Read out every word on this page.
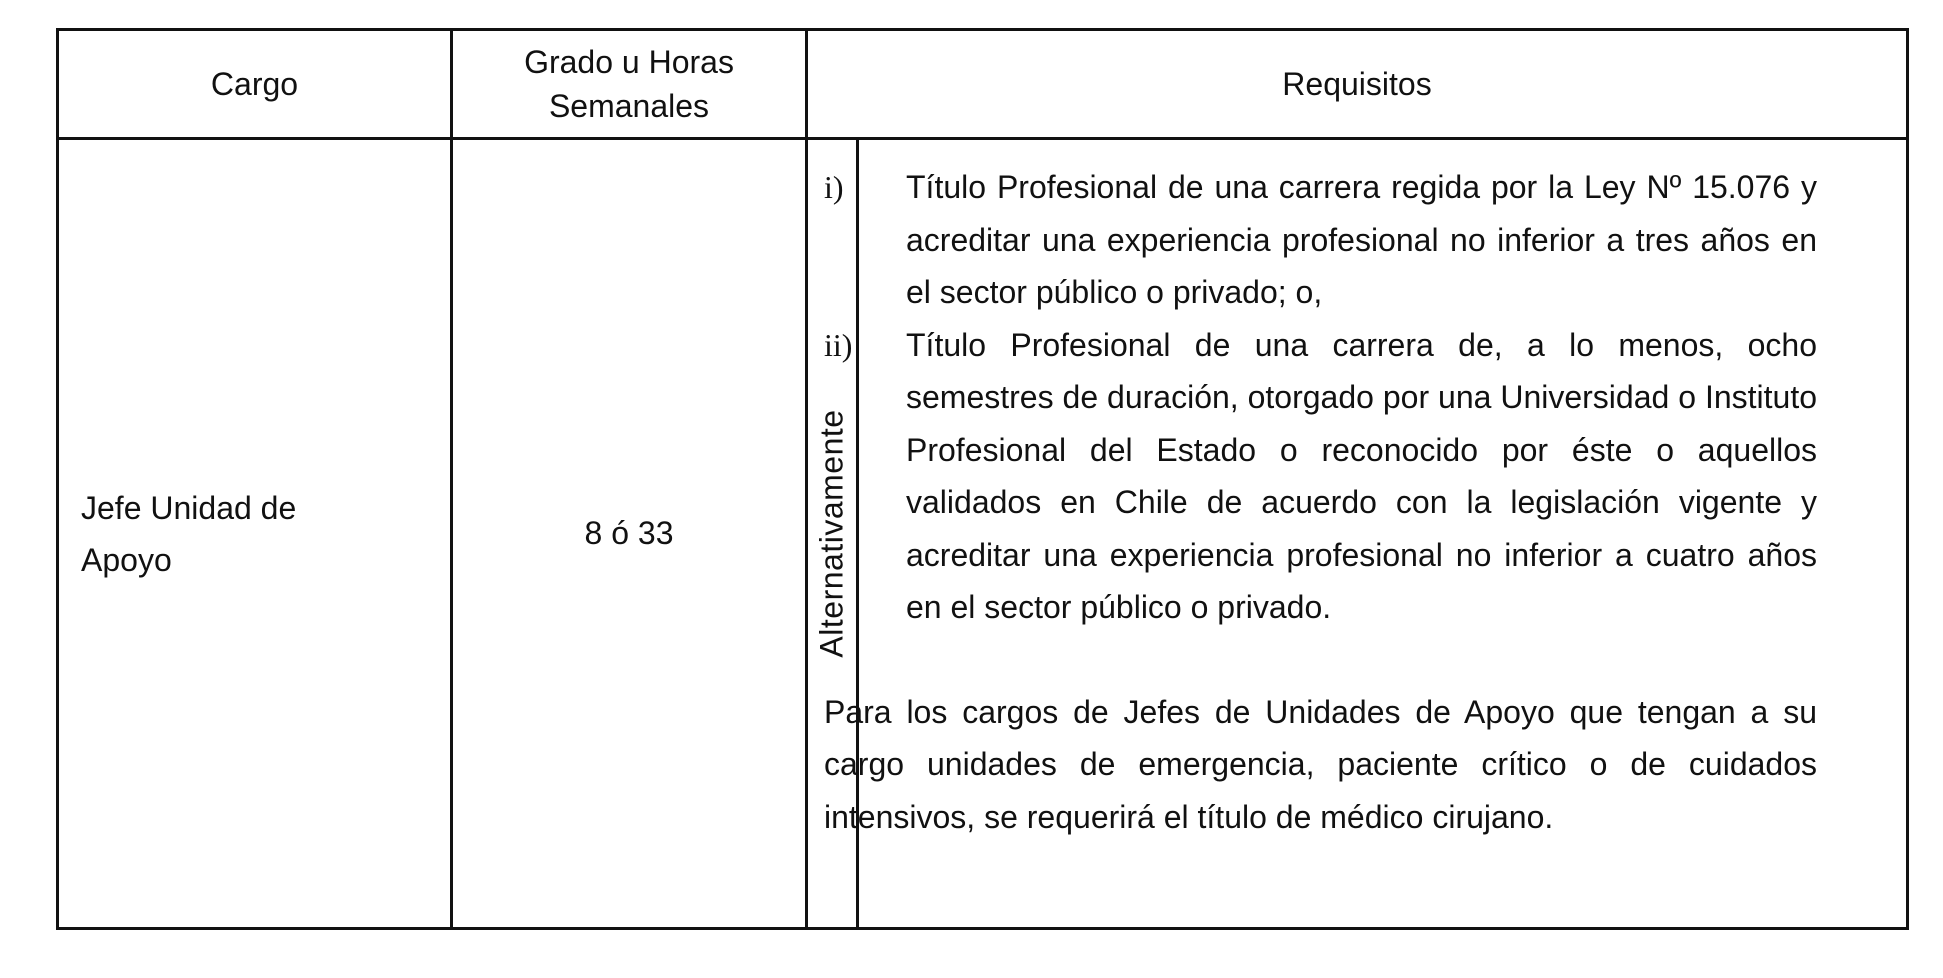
Cargo
Grado u Horas
Semanales
Requisitos
Jefe Unidad de
Apoyo
8 ó 33	Alternativamente
i) Título Profesional de una carrera regida por la Ley Nº 15.076 y acreditar una experiencia profesional no inferior a tres años en el sector público o privado; o,
ii) Título Profesional de una carrera de, a lo menos, ocho semestres de duración, otorgado por una Universidad o Instituto Profesional del Estado o reconocido por éste o aquellos validados en Chile de acuerdo con la legislación vigente y acreditar una experiencia profesional no inferior a cuatro años en el sector público o privado.
Para los cargos de Jefes de Unidades de Apoyo que tengan a su cargo unidades de emergencia, paciente crítico o de cuidados intensivos, se requerirá el título de médico cirujano.
